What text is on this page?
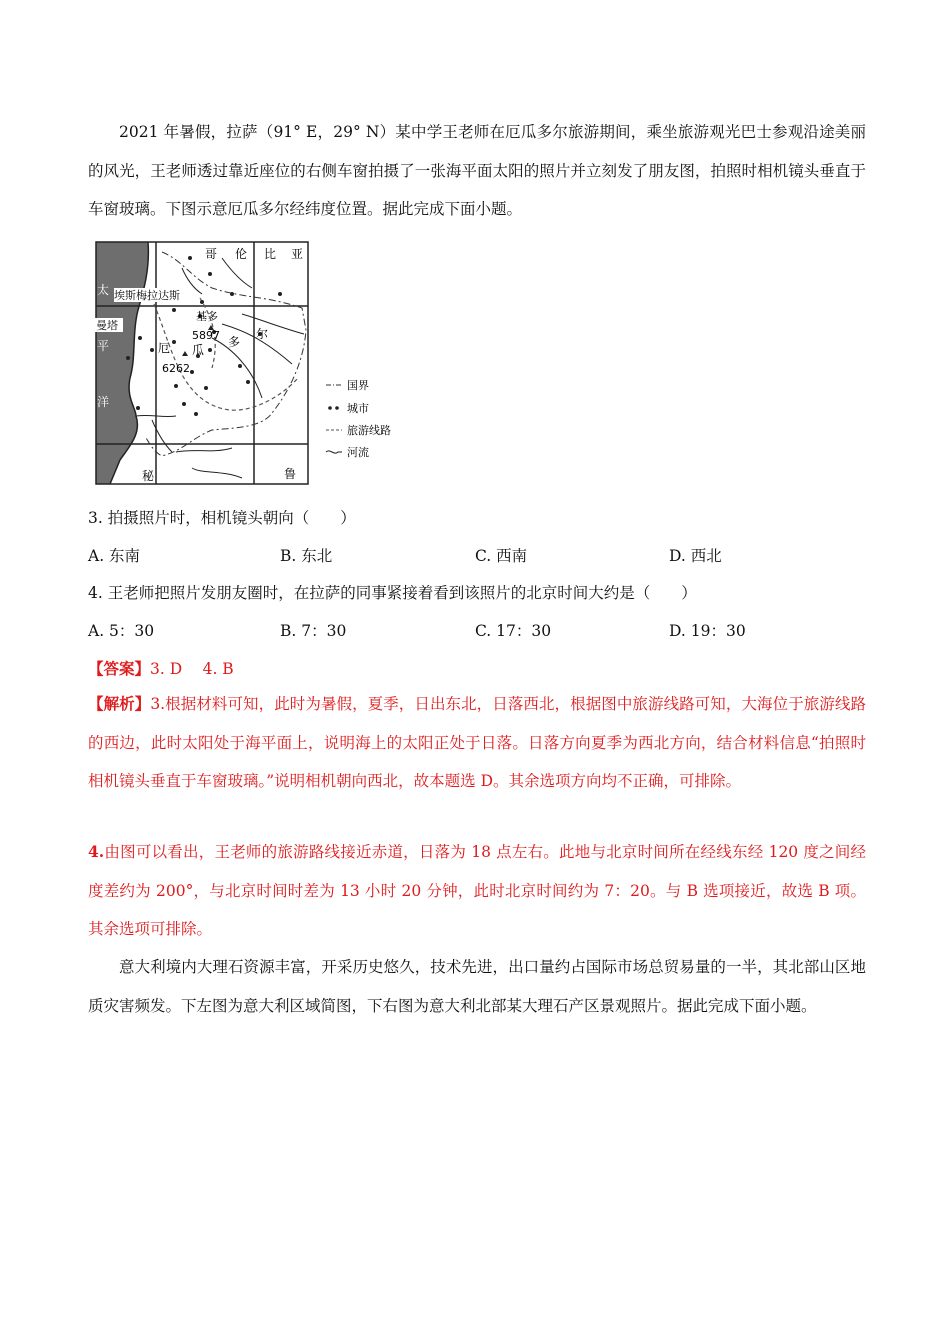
2021 年暑假，拉萨（91° E，29° N）某中学王老师在厄瓜多尔旅游期间，乘坐旅游观光巴士参观沿途美丽的风光，王老师透过靠近座位的右侧车窗拍摄了一张海平面太阳的照片并立刻发了朋友图，拍照时相机镜头垂直于车窗玻璃。下图示意厄瓜多尔经纬度位置。据此完成下面小题。

哥 伦 比 亚
秘	鲁
太
平
洋
埃斯梅拉达斯
曼塔
基多
厄 瓜
多
尔
5897
6262
国界
城市
旅游线路
河流

3. 拍摄照片时，相机镜头朝向（　　）

A. 东南	B. 东北	C. 西南	D. 西北

4. 王老师把照片发朋友圈时，在拉萨的同事紧接着看到该照片的北京时间大约是（　　）

A. 5：30	B. 7：30	C. 17：30	D. 19：30

【答案】3. D　 4. B

【解析】3.根据材料可知，此时为暑假，夏季，日出东北，日落西北，根据图中旅游线路可知，大海位于旅游线路的西边，此时太阳处于海平面上，说明海上的太阳正处于日落。日落方向夏季为西北方向，结合材料信息“拍照时相机镜头垂直于车窗玻璃。”说明相机朝向西北，故本题选 D。其余选项方向均不正确，可排除。

4.由图可以看出，王老师的旅游路线接近赤道，日落为 18 点左右。此地与北京时间所在经线东经 120 度之间经度差约为 200°，与北京时间时差为 13 小时 20 分钟，此时北京时间约为 7：20。与 B 选项接近，故选 B 项。其余选项可排除。

意大利境内大理石资源丰富，开采历史悠久，技术先进，出口量约占国际市场总贸易量的一半，其北部山区地质灾害频发。下左图为意大利区域简图，下右图为意大利北部某大理石产区景观照片。据此完成下面小题。
